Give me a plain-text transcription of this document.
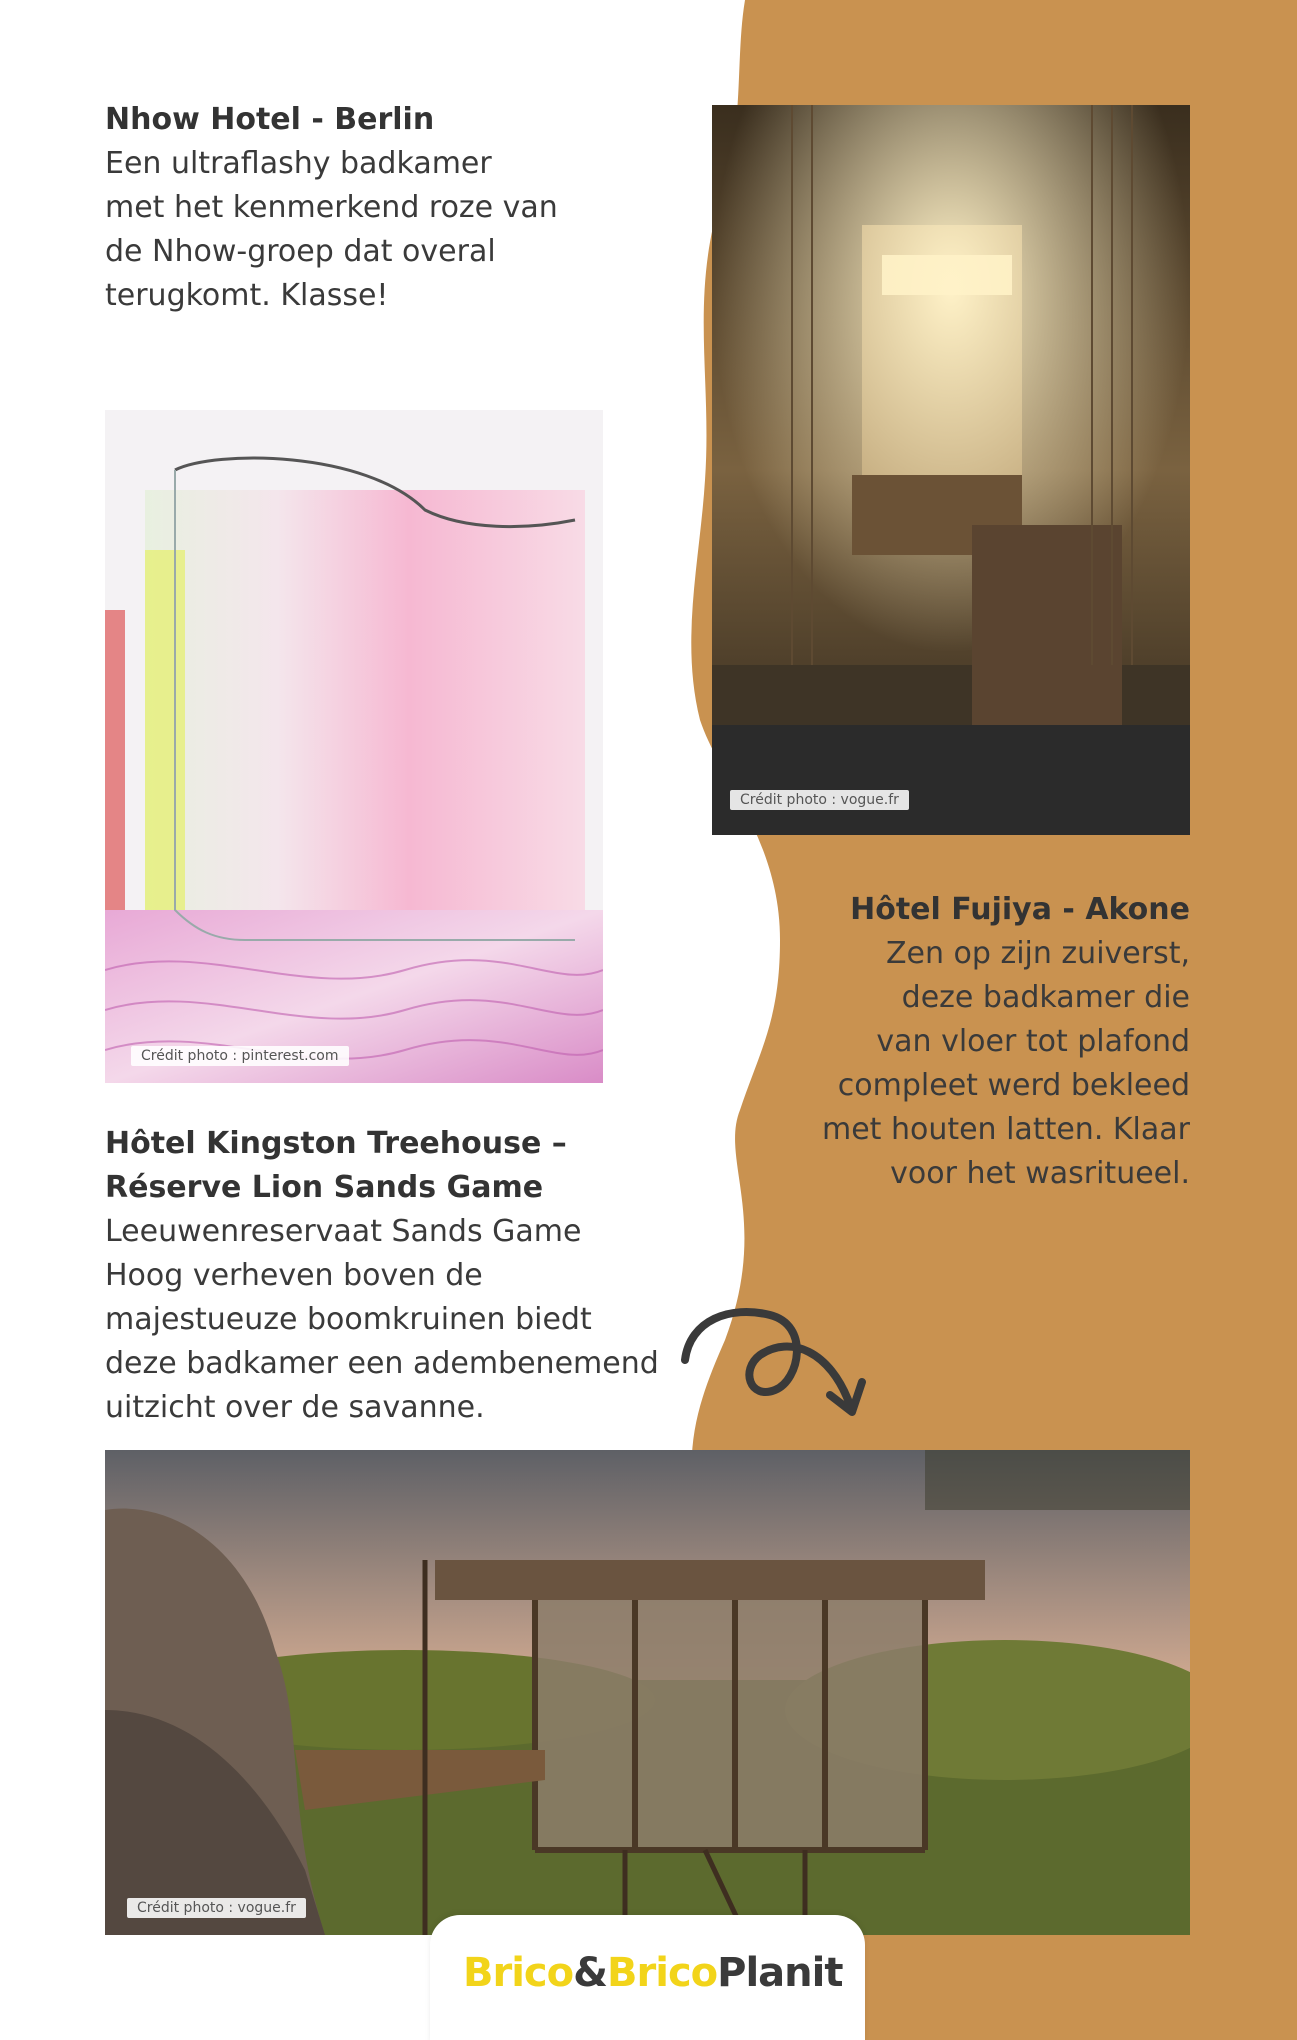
Nhow Hotel - Berlin

Een ultraflashy badkamer

met het kenmerkend roze van

de Nhow-groep dat overal

terugkomt. Klasse!

Crédit photo : vogue.fr
Crédit photo : pinterest.com

Hôtel Fujiya - Akone

Zen op zijn zuiverst,

deze badkamer die

van vloer tot plafond

compleet werd bekleed

met houten latten. Klaar

voor het wasritueel.

Hôtel Kingston Treehouse –

Réserve Lion Sands Game

Leeuwenreservaat Sands Game

Hoog verheven boven de

majestueuze boomkruinen biedt

deze badkamer een adembenemend

uitzicht over de savanne.

Crédit photo : vogue.fr
Brico&BricoPlanit
